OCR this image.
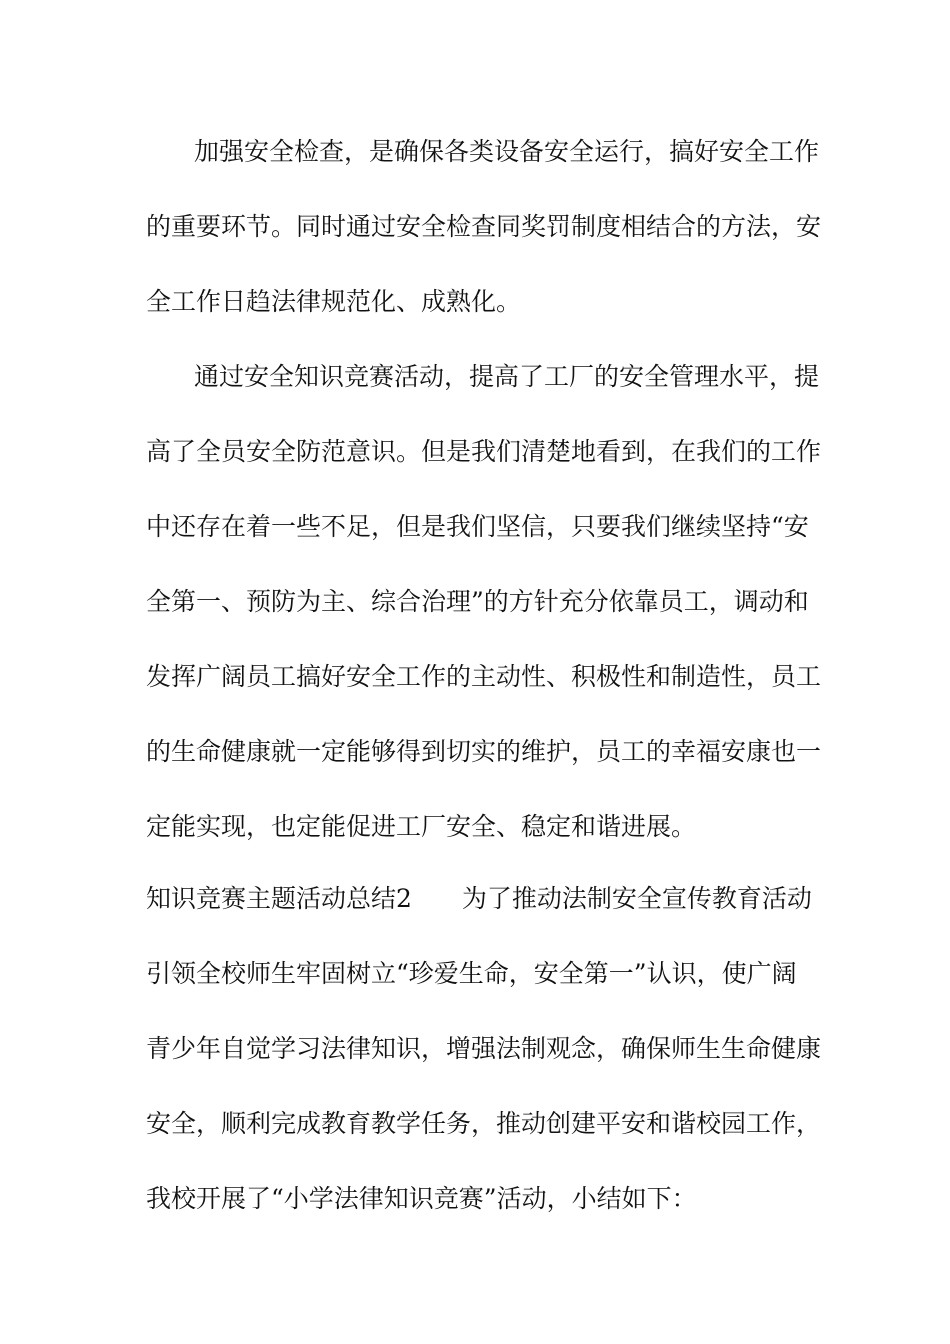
加强安全检查，是确保各类设备安全运行，搞好安全工作
的重要环节。同时通过安全检查同奖罚制度相结合的方法，安
全工作日趋法律规范化、成熟化。
通过安全知识竞赛活动，提高了工厂的安全管理水平，提
高了全员安全防范意识。但是我们清楚地看到，在我们的工作
中还存在着一些不足，但是我们坚信，只要我们继续坚持“安
全第一、预防为主、综合治理”的方针充分依靠员工，调动和
发挥广阔员工搞好安全工作的主动性、积极性和制造性，员工
的生命健康就一定能够得到切实的维护，员工的幸福安康也一
定能实现，也定能促进工厂安全、稳定和谐进展。
知识竞赛主题活动总结2 为了推动法制安全宣传教育活动
引领全校师生牢固树立“珍爱生命，安全第一”认识，使广阔
青少年自觉学习法律知识，增强法制观念，确保师生生命健康
安全，顺利完成教育教学任务，推动创建平安和谐校园工作，
我校开展了“小学法律知识竞赛”活动，小结如下：
